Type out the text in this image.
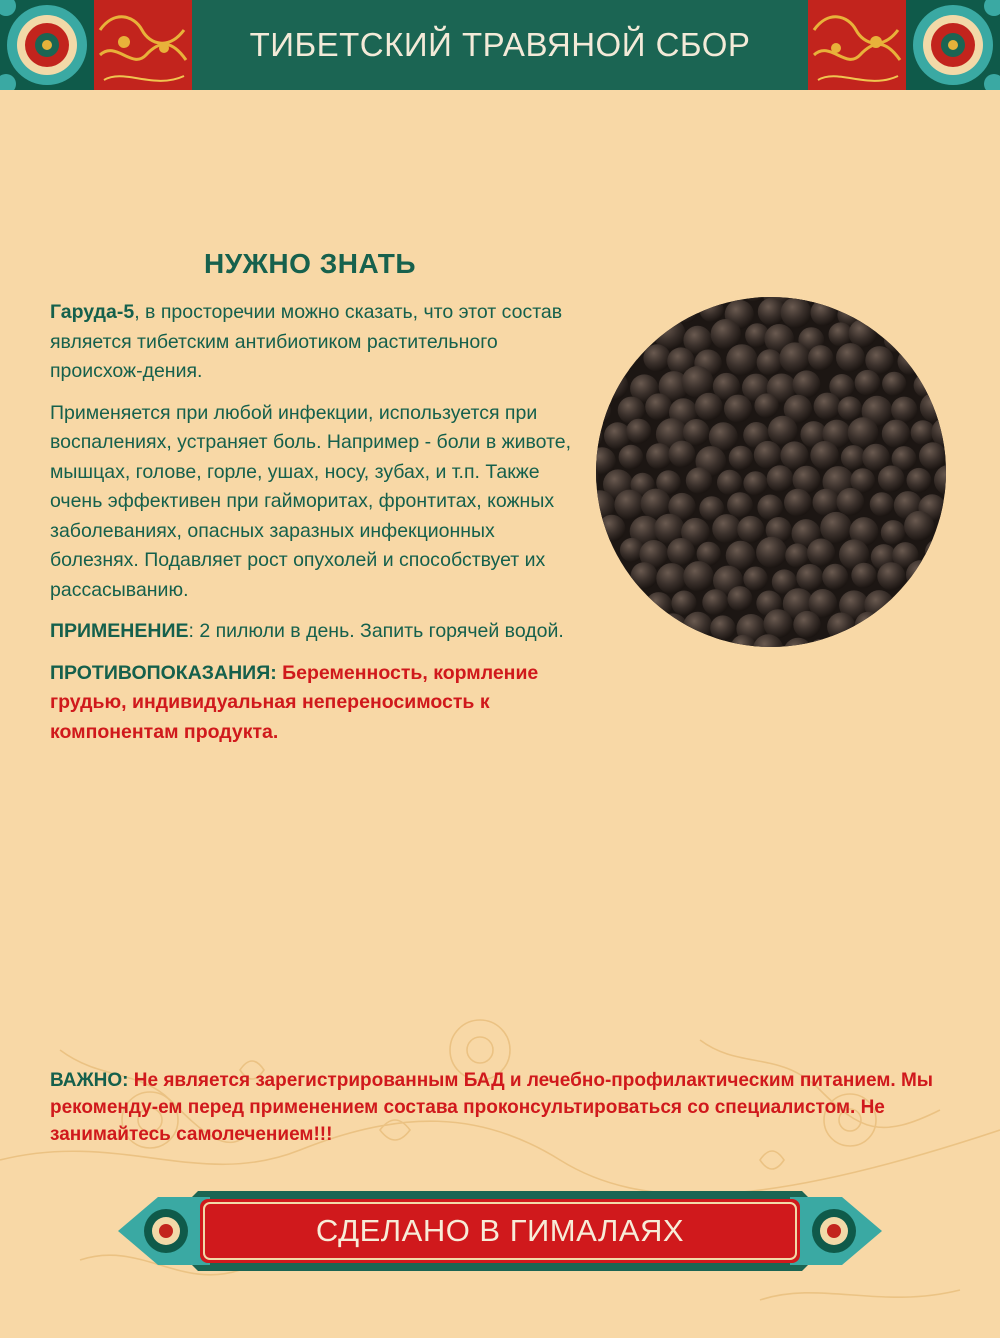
ТИБЕТСКИЙ ТРАВЯНОЙ СБОР
НУЖНО ЗНАТЬ

Гаруда-5, в просторечии можно сказать, что этот состав является тибетским антибиотиком растительного происхож-дения.

Применяется при любой инфекции, используется при воспалениях, устраняет боль. Например - боли в животе, мышцах, голове, горле, ушах, носу, зубах, и т.п. Также очень эффективен при гайморитах, фронтитах, кожных заболеваниях, опасных заразных инфекционных болезнях. Подавляет рост опухолей и способствует их рассасыванию.

ПРИМЕНЕНИЕ: 2 пилюли в день. Запить горячей водой.

ПРОТИВОПОКАЗАНИЯ: Беременность, кормление грудью, индивидуальная непереносимость к компонентам продукта.

ВАЖНО: Не является зарегистрированным БАД и лечебно-профилактическим питанием. Мы рекоменду-ем перед применением состава проконсультироваться со специалистом. Не занимайтесь самолечением!!!
СДЕЛАНО В ГИМАЛАЯХ
